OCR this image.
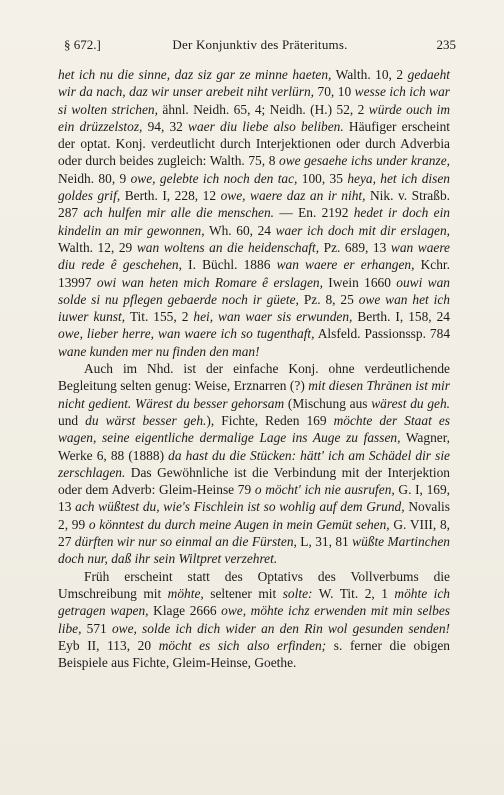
§ 672.]	Der Konjunktiv des Präteritums.	235

het ich nu die sinne, daz siz gar ze minne haeten, Walth. 10, 2 gedaeht wir da nach, daz wir unser arebeit niht verlürn, 70, 10 wesse ich ich war si wolten strichen, ähnl. Neidh. 65, 4; Neidh. (H.) 52, 2 würde ouch im ein drüzzelstoz, 94, 32 waer diu liebe also beliben. Häufiger erscheint der optat. Konj. verdeutlicht durch Interjektionen oder durch Adverbia oder durch beides zugleich: Walth. 75, 8 owe gesaehe ichs under kranze, Neidh. 80, 9 owe, gelebte ich noch den tac, 100, 35 heya, het ich disen goldes grif, Berth. I, 228, 12 owe, waere daz an ir niht, Nik. v. Straßb. 287 ach hulfen mir alle die menschen. — En. 2192 hedet ir doch ein kindelin an mir gewonnen, Wh. 60, 24 waer ich doch mit dir erslagen, Walth. 12, 29 wan woltens an die heidenschaft, Pz. 689, 13 wan waere diu rede ê geschehen, I. Büchl. 1886 wan waere er erhangen, Kchr. 13997 owi wan heten mich Romare ê erslagen, Iwein 1660 ouwi wan solde si nu pflegen gebaerde noch ir güete, Pz. 8, 25 owe wan het ich iuwer kunst, Tit. 155, 2 hei, wan waer sis erwunden, Berth. I, 158, 24 owe, lieber herre, wan waere ich so tugenthaft, Alsfeld. Passionssp. 784 wane kunden mer nu finden den man!

Auch im Nhd. ist der einfache Konj. ohne verdeutlichende Begleitung selten genug: Weise, Erznarren (?) mit diesen Thränen ist mir nicht gedient. Wärest du besser gehorsam (Mischung aus wärest du geh. und du wärst besser geh.), Fichte, Reden 169 möchte der Staat es wagen, seine eigentliche dermalige Lage ins Auge zu fassen, Wagner, Werke 6, 88 (1888) da hast du die Stücken: hätt' ich am Schädel dir sie zerschlagen. Das Gewöhnliche ist die Verbindung mit der Interjektion oder dem Adverb: Gleim-Heinse 79 o möcht' ich nie ausrufen, G. I, 169, 13 ach wüßtest du, wie's Fischlein ist so wohlig auf dem Grund, Novalis 2, 99 o könntest du durch meine Augen in mein Gemüt sehen, G. VIII, 8, 27 dürften wir nur so einmal an die Fürsten, L, 31, 81 wüßte Martinchen doch nur, daß ihr sein Wiltpret verzehret.

Früh erscheint statt des Optativs des Vollverbums die Umschreibung mit möhte, seltener mit solte: W. Tit. 2, 1 möhte ich getragen wapen, Klage 2666 owe, möhte ichz erwenden mit min selbes libe, 571 owe, solde ich dich wider an den Rin wol gesunden senden! Eyb II, 113, 20 möcht es sich also erfinden; s. ferner die obigen Beispiele aus Fichte, Gleim-Heinse, Goethe.
